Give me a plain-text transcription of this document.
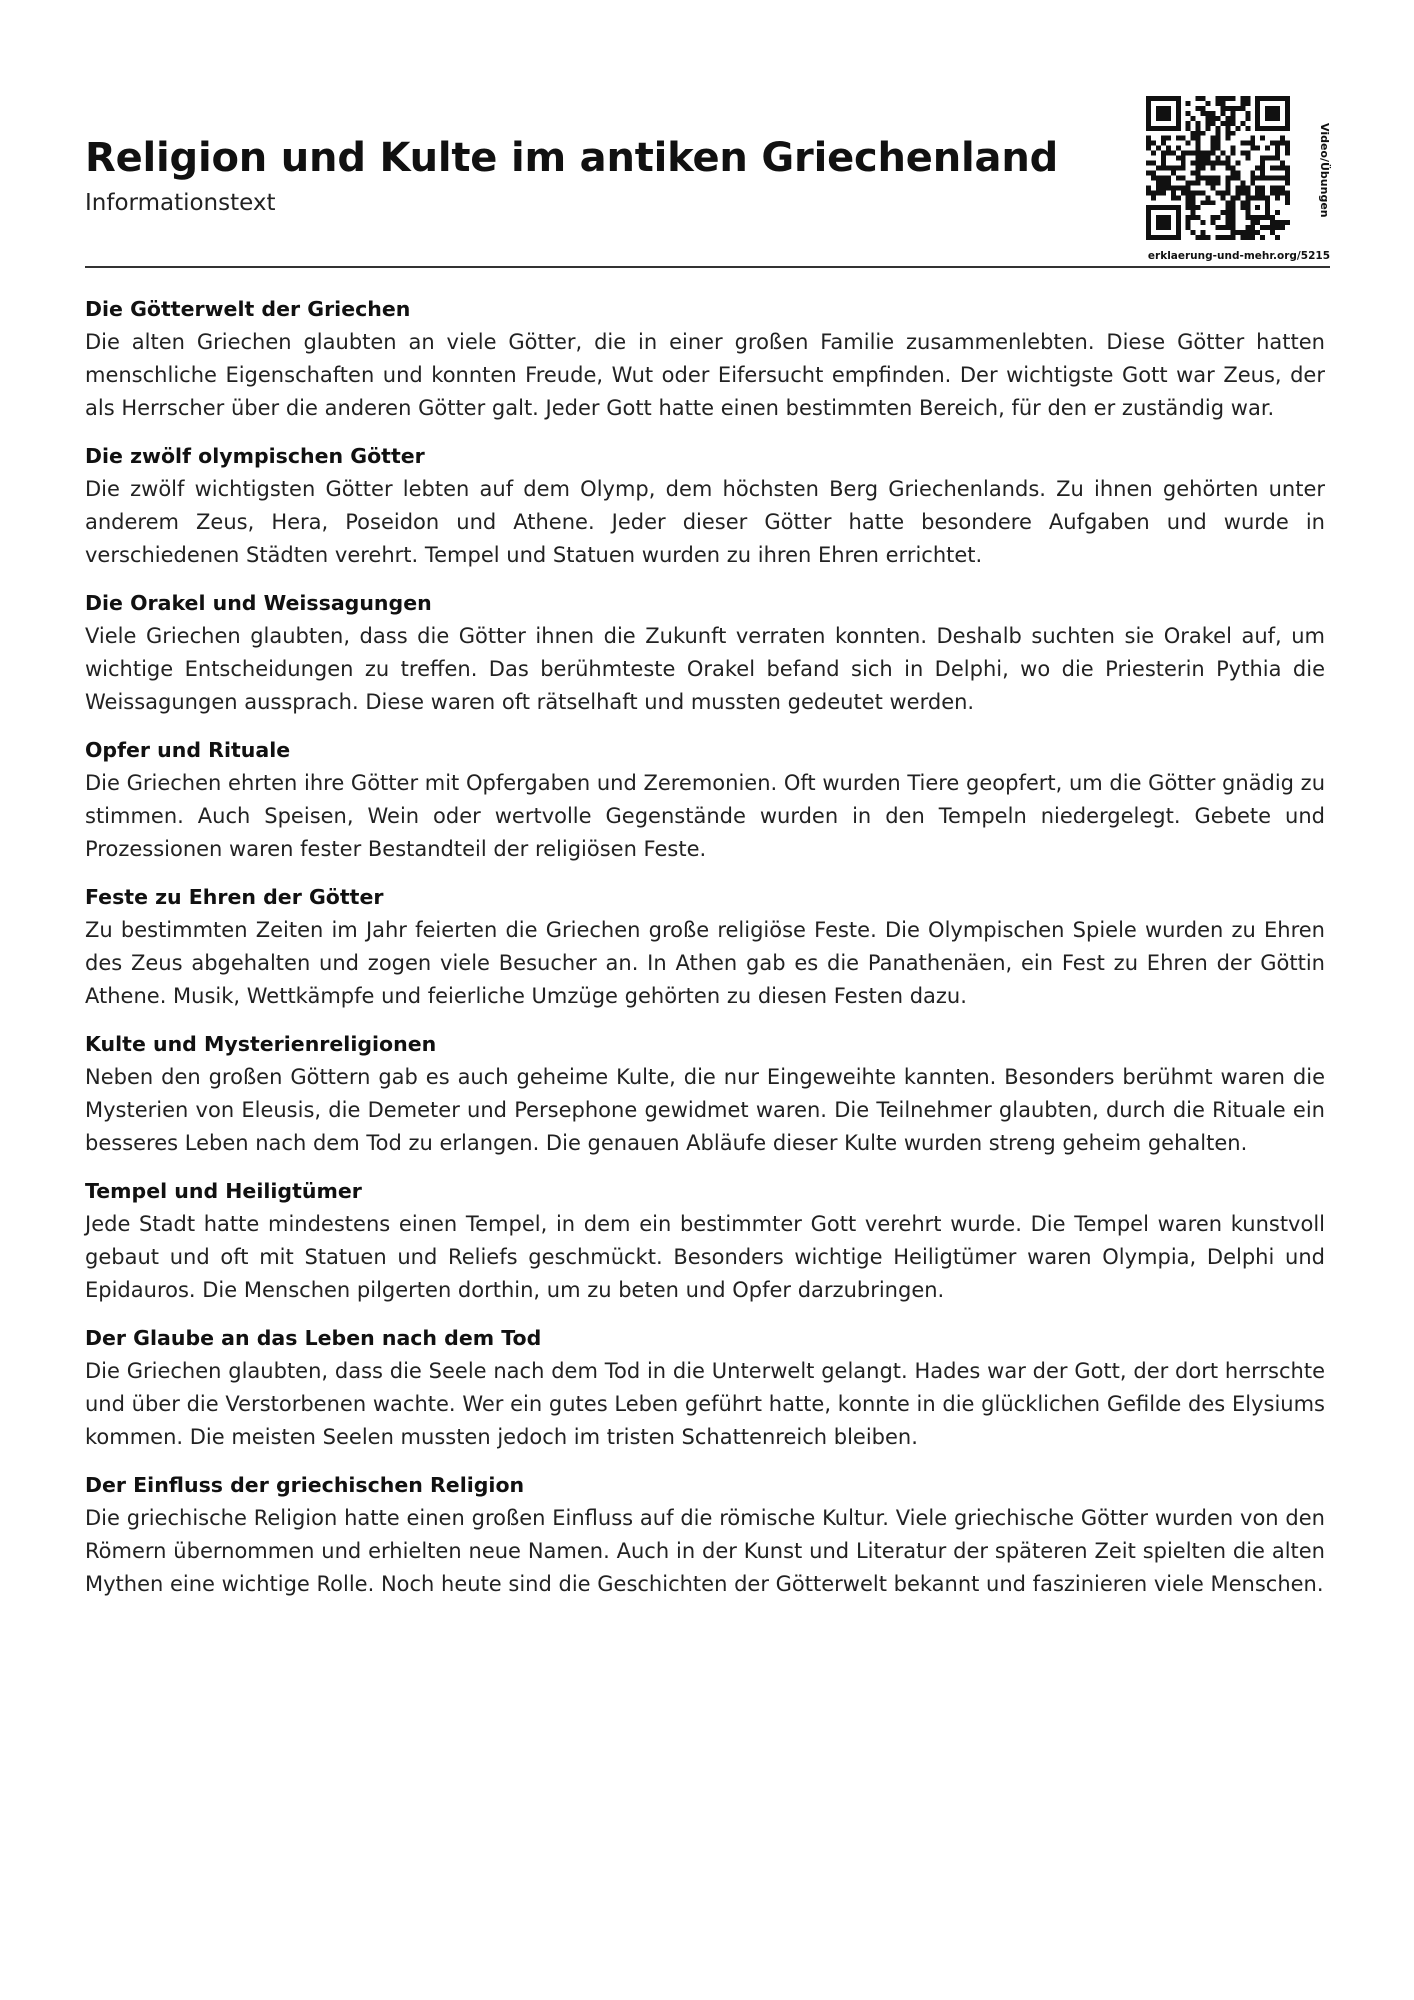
Religion und Kulte im antiken Griechenland
Informationstext	Video/Übungen
erklaerung-und-mehr.org/5215
Die Götterwelt der Griechen

Die alten Griechen glaubten an viele Götter, die in einer großen Familie zusammenlebten. Diese Götter hatten menschliche Eigenschaften und konnten Freude, Wut oder Eifersucht empfinden. Der wichtigste Gott war Zeus, der als Herrscher über die anderen Götter galt. Jeder Gott hatte einen bestimmten Bereich, für den er zuständig war.

Die zwölf olympischen Götter

Die zwölf wichtigsten Götter lebten auf dem Olymp, dem höchsten Berg Griechenlands. Zu ihnen gehörten unter anderem Zeus, Hera, Poseidon und Athene. Jeder dieser Götter hatte besondere Aufgaben und wurde in verschiedenen Städten verehrt. Tempel und Statuen wurden zu ihren Ehren errichtet.

Die Orakel und Weissagungen

Viele Griechen glaubten, dass die Götter ihnen die Zukunft verraten konnten. Deshalb suchten sie Orakel auf, um wichtige Entscheidungen zu treffen. Das berühmteste Orakel befand sich in Delphi, wo die Priesterin Pythia die Weissagungen aussprach. Diese waren oft rätselhaft und mussten gedeutet werden.

Opfer und Rituale

Die Griechen ehrten ihre Götter mit Opfergaben und Zeremonien. Oft wurden Tiere geopfert, um die Götter gnädig zu stimmen. Auch Speisen, Wein oder wertvolle Gegenstände wurden in den Tempeln niedergelegt. Gebete und Prozessionen waren fester Bestandteil der religiösen Feste.

Feste zu Ehren der Götter

Zu bestimmten Zeiten im Jahr feierten die Griechen große religiöse Feste. Die Olympischen Spiele wurden zu Ehren des Zeus abgehalten und zogen viele Besucher an. In Athen gab es die Panathenäen, ein Fest zu Ehren der Göttin Athene. Musik, Wettkämpfe und feierliche Umzüge gehörten zu diesen Festen dazu.

Kulte und Mysterienreligionen

Neben den großen Göttern gab es auch geheime Kulte, die nur Eingeweihte kannten. Besonders berühmt waren die Mysterien von Eleusis, die Demeter und Persephone gewidmet waren. Die Teilnehmer glaubten, durch die Rituale ein besseres Leben nach dem Tod zu erlangen. Die genauen Abläufe dieser Kulte wurden streng geheim gehalten.

Tempel und Heiligtümer

Jede Stadt hatte mindestens einen Tempel, in dem ein bestimmter Gott verehrt wurde. Die Tempel waren kunstvoll gebaut und oft mit Statuen und Reliefs geschmückt. Besonders wichtige Heiligtümer waren Olympia, Delphi und Epidauros. Die Menschen pilgerten dorthin, um zu beten und Opfer darzubringen.

Der Glaube an das Leben nach dem Tod

Die Griechen glaubten, dass die Seele nach dem Tod in die Unterwelt gelangt. Hades war der Gott, der dort herrschte und über die Verstorbenen wachte. Wer ein gutes Leben geführt hatte, konnte in die glücklichen Gefilde des Elysiums kommen. Die meisten Seelen mussten jedoch im tristen Schattenreich bleiben.

Der Einfluss der griechischen Religion

Die griechische Religion hatte einen großen Einfluss auf die römische Kultur. Viele griechische Götter wurden von den Römern übernommen und erhielten neue Namen. Auch in der Kunst und Literatur der späteren Zeit spielten die alten Mythen eine wichtige Rolle. Noch heute sind die Geschichten der Götterwelt bekannt und faszinieren viele Menschen.
